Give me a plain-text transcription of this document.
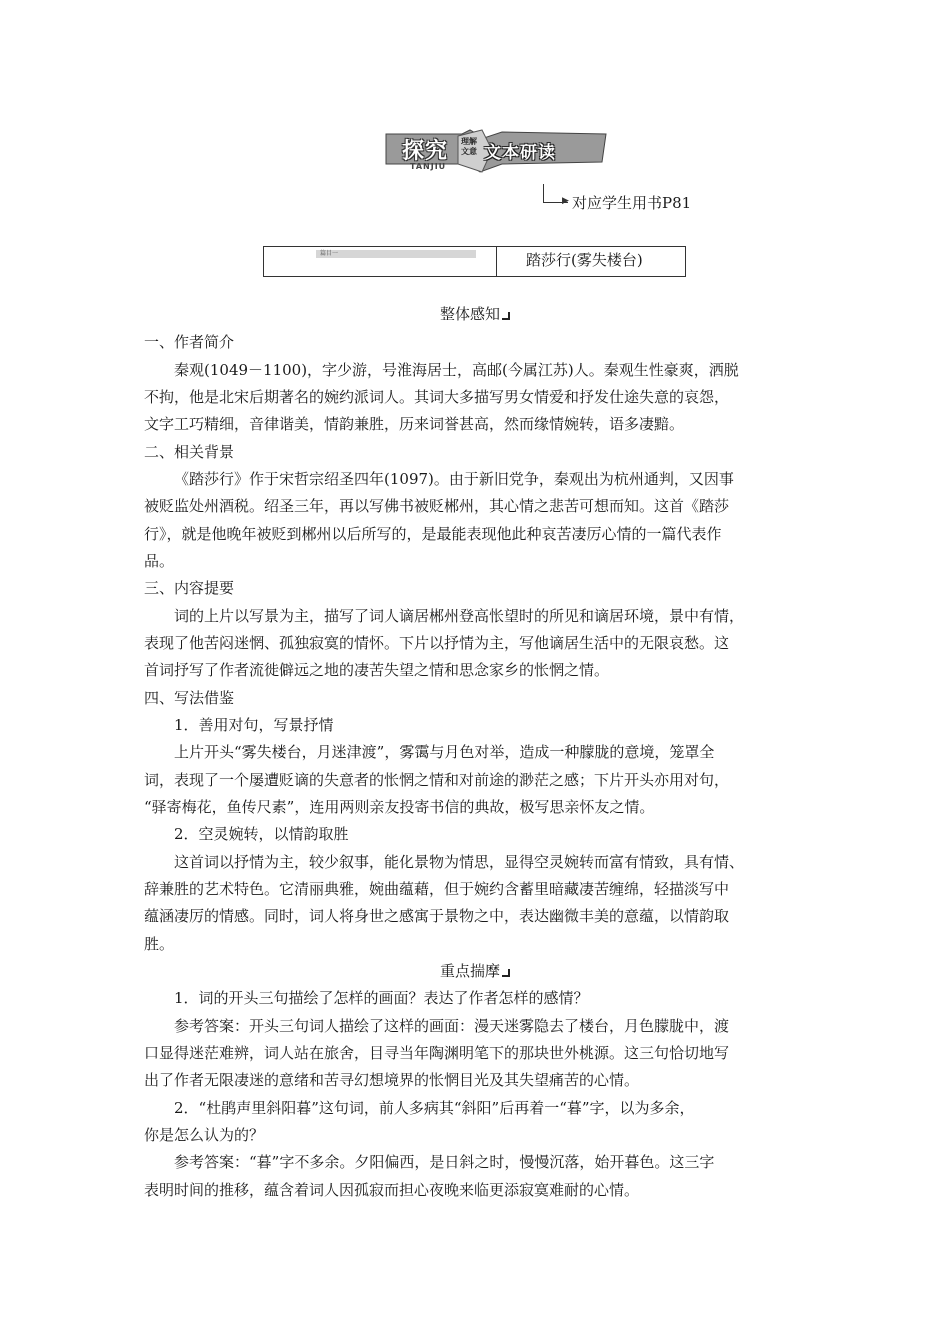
探究
TANJIU
理解文意 文本研读
▶ 对应学生用书P81
篇目一	踏莎行(雾失楼台)
整体感知
一、作者简介
秦观(1049－1100)，字少游，号淮海居士，高邮(今属江苏)人。秦观生性豪爽，洒脱
不拘，他是北宋后期著名的婉约派词人。其词大多描写男女情爱和抒发仕途失意的哀怨，
文字工巧精细，音律谐美，情韵兼胜，历来词誉甚高，然而缘情婉转，语多凄黯。
二、相关背景
《踏莎行》作于宋哲宗绍圣四年(1097)。由于新旧党争，秦观出为杭州通判，又因事
被贬监处州酒税。绍圣三年，再以写佛书被贬郴州，其心情之悲苦可想而知。这首《踏莎
行》，就是他晚年被贬到郴州以后所写的，是最能表现他此种哀苦凄厉心情的一篇代表作
品。
三、内容提要
词的上片以写景为主，描写了词人谪居郴州登高怅望时的所见和谪居环境，景中有情，
表现了他苦闷迷惘、孤独寂寞的情怀。下片以抒情为主，写他谪居生活中的无限哀愁。这
首词抒写了作者流徙僻远之地的凄苦失望之情和思念家乡的怅惘之情。
四、写法借鉴
1．善用对句，写景抒情
上片开头“雾失楼台，月迷津渡”，雾霭与月色对举，造成一种朦胧的意境，笼罩全
词，表现了一个屡遭贬谪的失意者的怅惘之情和对前途的渺茫之感；下片开头亦用对句，
“驿寄梅花，鱼传尺素”，连用两则亲友投寄书信的典故，极写思亲怀友之情。
2．空灵婉转，以情韵取胜
这首词以抒情为主，较少叙事，能化景物为情思，显得空灵婉转而富有情致，具有情、
辞兼胜的艺术特色。它清丽典雅，婉曲蕴藉，但于婉约含蓄里暗藏凄苦缠绵，轻描淡写中
蕴涵凄厉的情感。同时，词人将身世之感寓于景物之中，表达幽微丰美的意蕴，以情韵取
胜。
重点揣摩
1．词的开头三句描绘了怎样的画面？表达了作者怎样的感情？
参考答案：开头三句词人描绘了这样的画面：漫天迷雾隐去了楼台，月色朦胧中，渡
口显得迷茫难辨，词人站在旅舍，目寻当年陶渊明笔下的那块世外桃源。这三句恰切地写
出了作者无限凄迷的意绪和苦寻幻想境界的怅惘目光及其失望痛苦的心情。
2．“杜鹃声里斜阳暮”这句词，前人多病其“斜阳”后再着一“暮”字，以为多余，
你是怎么认为的？
参考答案：“暮”字不多余。夕阳偏西，是日斜之时，慢慢沉落，始开暮色。这三字
表明时间的推移，蕴含着词人因孤寂而担心夜晚来临更添寂寞难耐的心情。
